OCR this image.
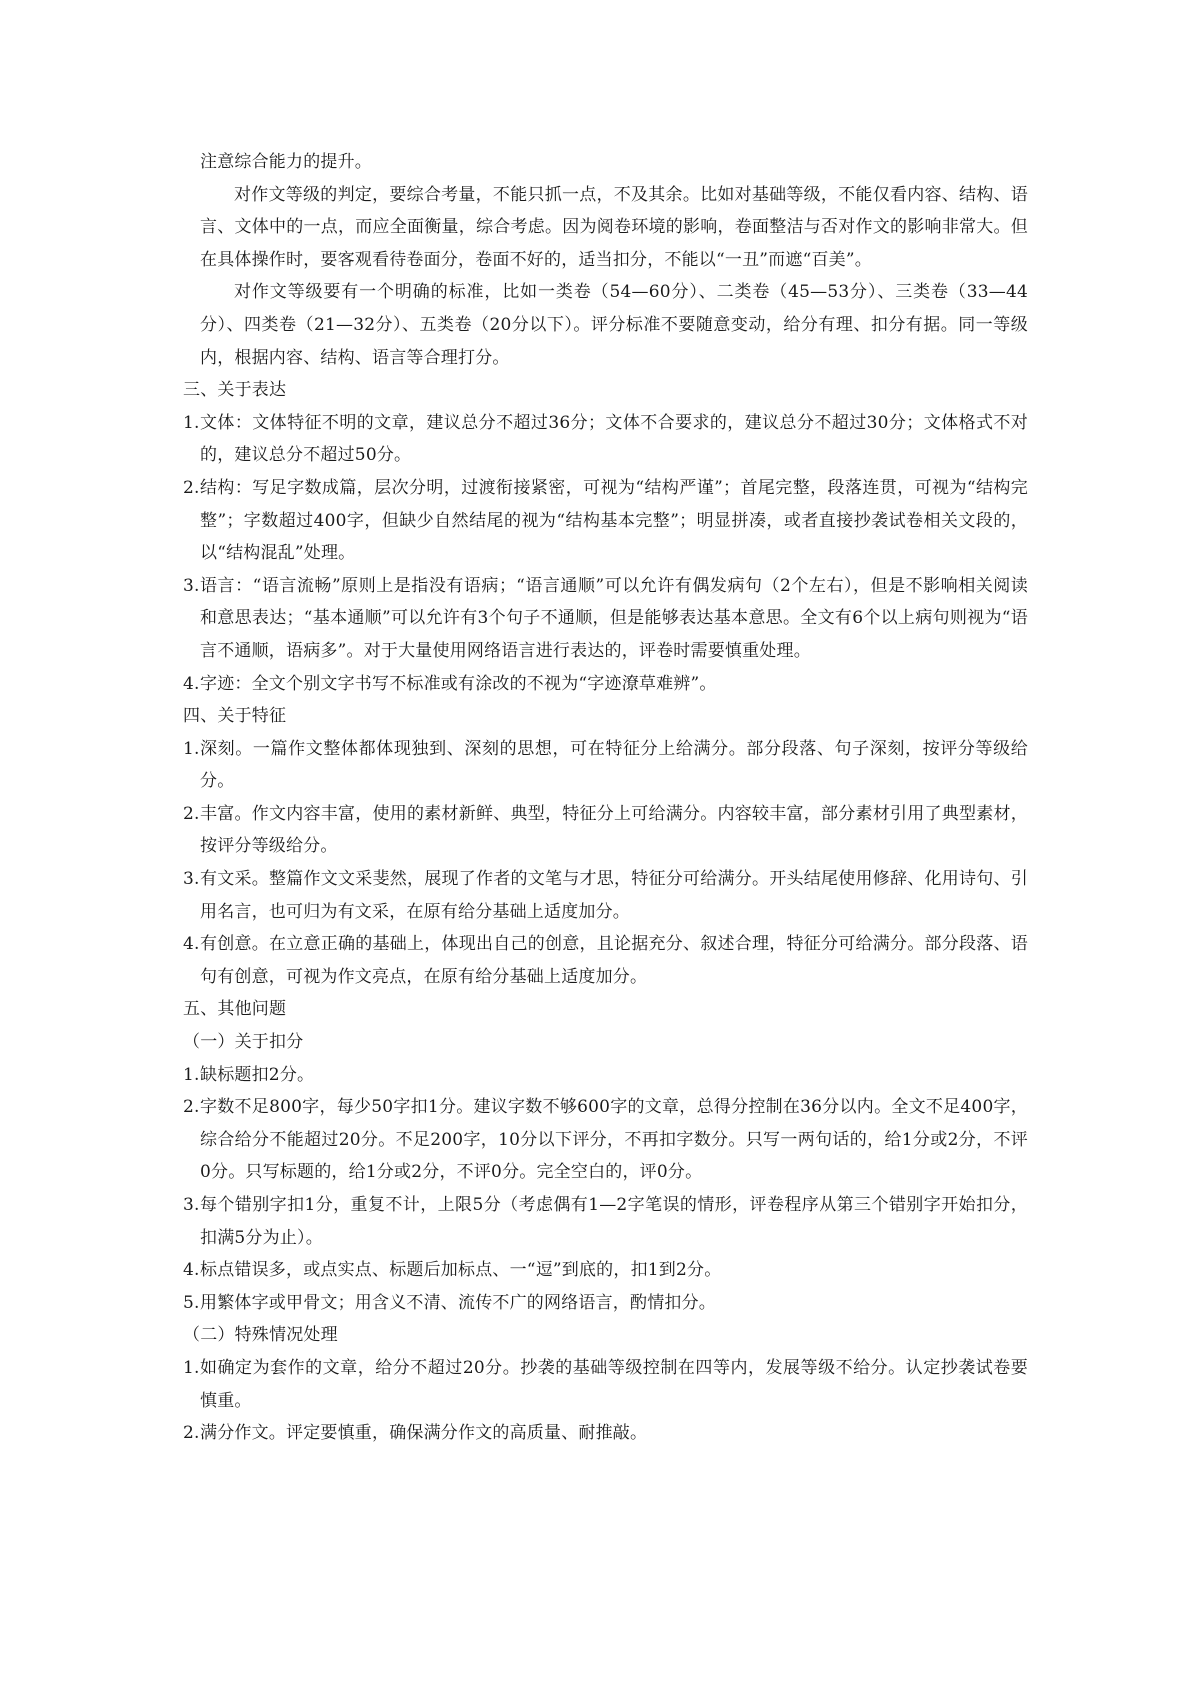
注意综合能力的提升。

对作文等级的判定，要综合考量，不能只抓一点，不及其余。比如对基础等级，不能仅看内容、结构、语言、文体中的一点，而应全面衡量，综合考虑。因为阅卷环境的影响，卷面整洁与否对作文的影响非常大。但在具体操作时，要客观看待卷面分，卷面不好的，适当扣分，不能以“一丑”而遮“百美”。

对作文等级要有一个明确的标准，比如一类卷（54—60分）、二类卷（45—53分）、三类卷（33—44分）、四类卷（21—32分）、五类卷（20分以下）。评分标准不要随意变动，给分有理、扣分有据。同一等级内，根据内容、结构、语言等合理打分。

三、关于表达

1. 文体：文体特征不明的文章，建议总分不超过36分；文体不合要求的，建议总分不超过30分；文体格式不对的，建议总分不超过50分。
2. 结构：写足字数成篇，层次分明，过渡衔接紧密，可视为“结构严谨”；首尾完整，段落连贯，可视为“结构完整”；字数超过400字，但缺少自然结尾的视为“结构基本完整”；明显拼凑，或者直接抄袭试卷相关文段的，以“结构混乱”处理。
3. 语言：“语言流畅”原则上是指没有语病；“语言通顺”可以允许有偶发病句（2个左右），但是不影响相关阅读和意思表达；“基本通顺”可以允许有3个句子不通顺，但是能够表达基本意思。全文有6个以上病句则视为“语言不通顺，语病多”。对于大量使用网络语言进行表达的，评卷时需要慎重处理。
4. 字迹：全文个别文字书写不标准或有涂改的不视为“字迹潦草难辨”。

四、关于特征

1. 深刻。一篇作文整体都体现独到、深刻的思想，可在特征分上给满分。部分段落、句子深刻，按评分等级给分。
2. 丰富。作文内容丰富，使用的素材新鲜、典型，特征分上可给满分。内容较丰富，部分素材引用了典型素材，按评分等级给分。
3. 有文采。整篇作文文采斐然，展现了作者的文笔与才思，特征分可给满分。开头结尾使用修辞、化用诗句、引用名言，也可归为有文采，在原有给分基础上适度加分。
4. 有创意。在立意正确的基础上，体现出自己的创意，且论据充分、叙述合理，特征分可给满分。部分段落、语句有创意，可视为作文亮点，在原有给分基础上适度加分。

五、其他问题

（一）关于扣分

1. 缺标题扣2分。
2. 字数不足800字，每少50字扣1分。建议字数不够600字的文章，总得分控制在36分以内。全文不足400字，综合给分不能超过20分。不足200字，10分以下评分，不再扣字数分。只写一两句话的，给1分或2分，不评0分。只写标题的，给1分或2分，不评0分。完全空白的，评0分。
3. 每个错别字扣1分，重复不计，上限5分（考虑偶有1—2字笔误的情形，评卷程序从第三个错别字开始扣分，扣满5分为止）。
4. 标点错误多，或点实点、标题后加标点、一“逗”到底的，扣1到2分。
5. 用繁体字或甲骨文；用含义不清、流传不广的网络语言，酌情扣分。

（二）特殊情况处理

1. 如确定为套作的文章，给分不超过20分。抄袭的基础等级控制在四等内，发展等级不给分。认定抄袭试卷要慎重。
2. 满分作文。评定要慎重，确保满分作文的高质量、耐推敲。
